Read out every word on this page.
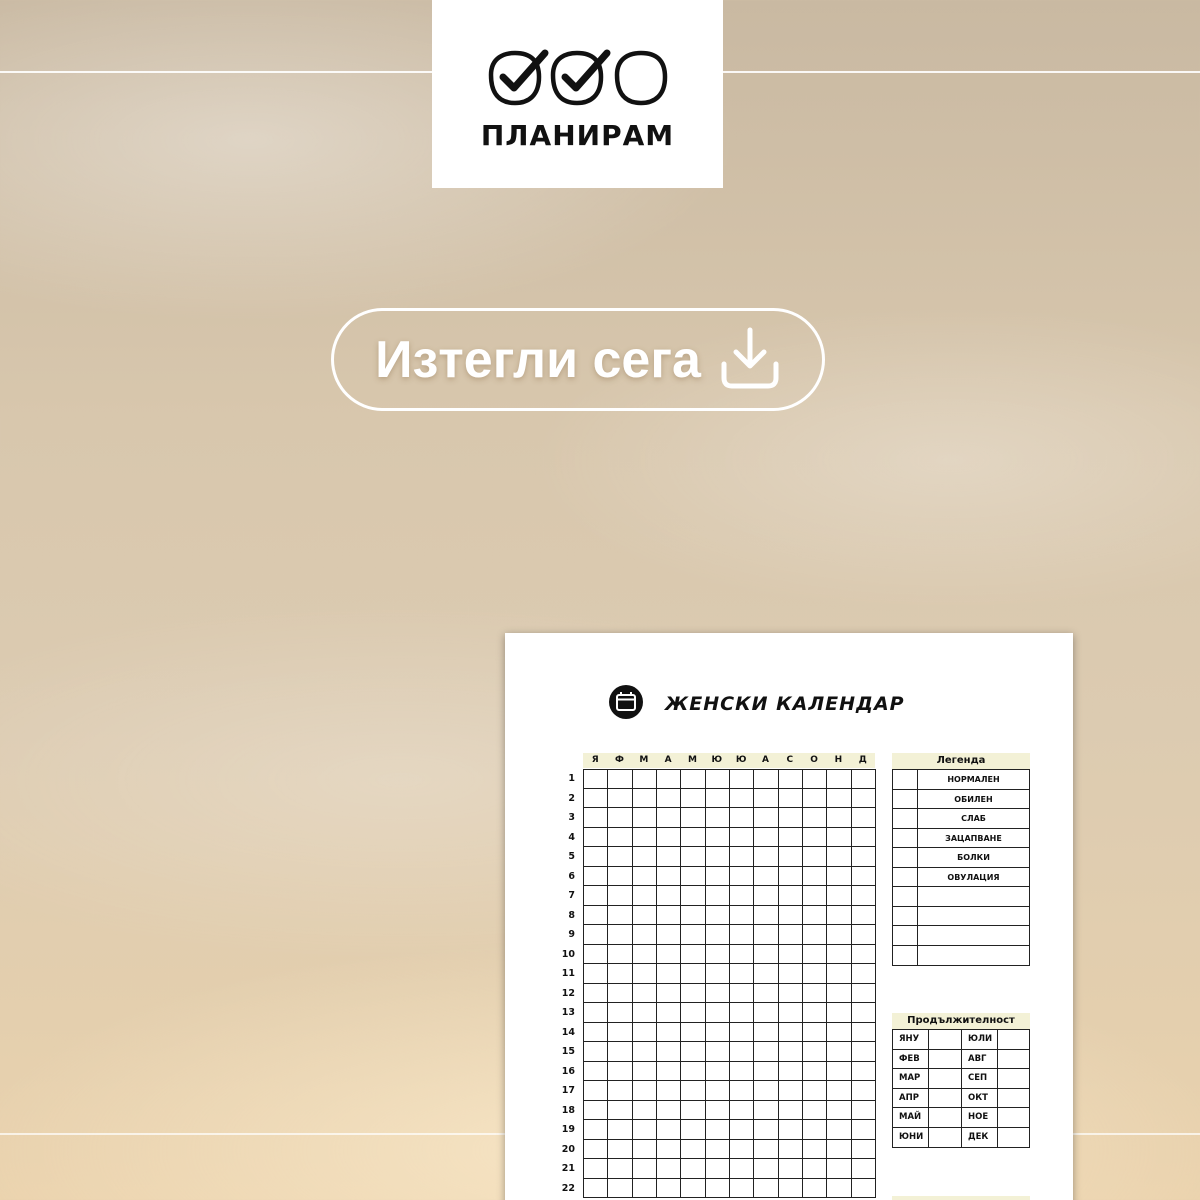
ПЛАНИРАМ
Изтегли сега
ЖЕНСКИ КАЛЕНДАР
Я	Ф	М	А	М	Ю	Ю	А	С	О	Н	Д
1
2
3
4
5
6
7
8
9
10
11
12
13
14
15
16
17
18
19
20
21
22
Легенда
НОРМАЛЕН
ОБИЛЕН
СЛАБ
ЗАЦАПВАНЕ
БОЛКИ
ОВУЛАЦИЯ
Продължителност
ЯНУ	ЮЛИ
ФЕВ	АВГ
МАР	СЕП
АПР	ОКТ
МАЙ	НОЕ
ЮНИ	ДЕК
